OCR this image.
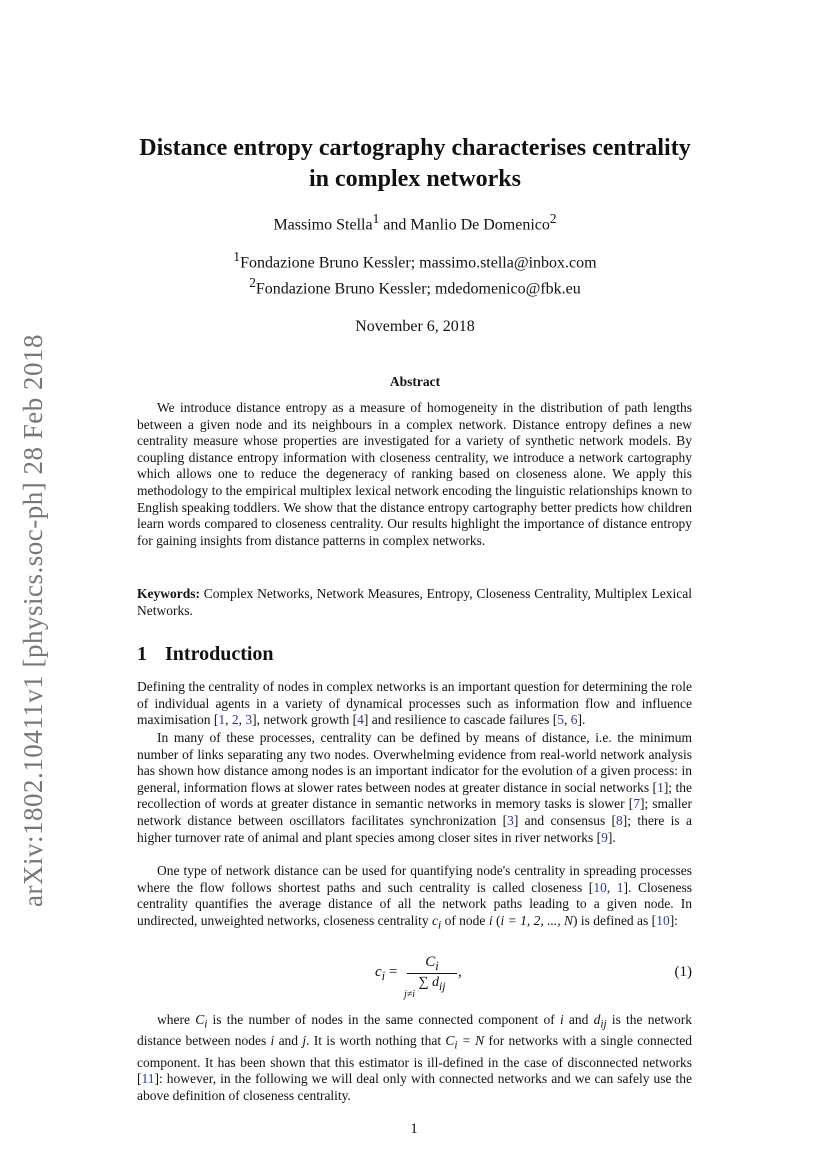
arXiv:1802.10411v1 [physics.soc-ph] 28 Feb 2018
Distance entropy cartography characterises centrality
in complex networks
Massimo Stella$^1$ and Manlio De Domenico$^2$
$^1$Fondazione Bruno Kessler; massimo.stella@inbox.com
$^2$Fondazione Bruno Kessler; mdedomenico@fbk.eu
November 6, 2018
Abstract

We introduce distance entropy as a measure of homogeneity in the distribution of path lengths between a given node and its neighbours in a complex network. Distance entropy defines a new centrality measure whose properties are investigated for a variety of synthetic network models. By coupling distance entropy information with closeness centrality, we introduce a network cartography which allows one to reduce the degeneracy of ranking based on closeness alone. We apply this methodology to the empirical multiplex lexical network encoding the linguistic relationships known to English speaking toddlers. We show that the distance entropy cartography better predicts how children learn words compared to closeness centrality. Our results highlight the importance of distance entropy for gaining insights from distance patterns in complex networks.

Keywords: Complex Networks, Network Measures, Entropy, Closeness Centrality, Multiplex Lexical Networks.

1 Introduction

Defining the centrality of nodes in complex networks is an important question for determining the role of individual agents in a variety of dynamical processes such as information flow and influence maximisation [1, 2, 3], network growth [4] and resilience to cascade failures [5, 6].

In many of these processes, centrality can be defined by means of distance, i.e. the minimum number of links separating any two nodes. Overwhelming evidence from real-world network analysis has shown how distance among nodes is an important indicator for the evolution of a given process: in general, information flows at slower rates between nodes at greater distance in social networks [1]; the recollection of words at greater distance in semantic networks in memory tasks is slower [7]; smaller network distance between oscillators facilitates synchronization [3] and consensus [8]; there is a higher turnover rate of animal and plant species among closer sites in river networks [9].

One type of network distance can be used for quantifying node's centrality in spreading processes where the flow follows shortest paths and such centrality is called closeness [10, 1]. Closeness centrality quantifies the average distance of all the network paths leading to a given node. In undirected, unweighted networks, closeness centrality $c_i$ of node i (i = 1, 2, ..., N) is defined as [10]:

$c_i$ =
$C_i$
∑ $d_{ij}$
j≠i
,	(1)

where $C_i$ is the number of nodes in the same connected component of i and $d_{ij}$ is the network distance between nodes i and j. It is worth nothing that $C_i = N$ for networks with a single connected component. It has been shown that this estimator is ill-defined in the case of disconnected networks [11]: however, in the following we will deal only with connected networks and we can safely use the above definition of closeness centrality.

1
